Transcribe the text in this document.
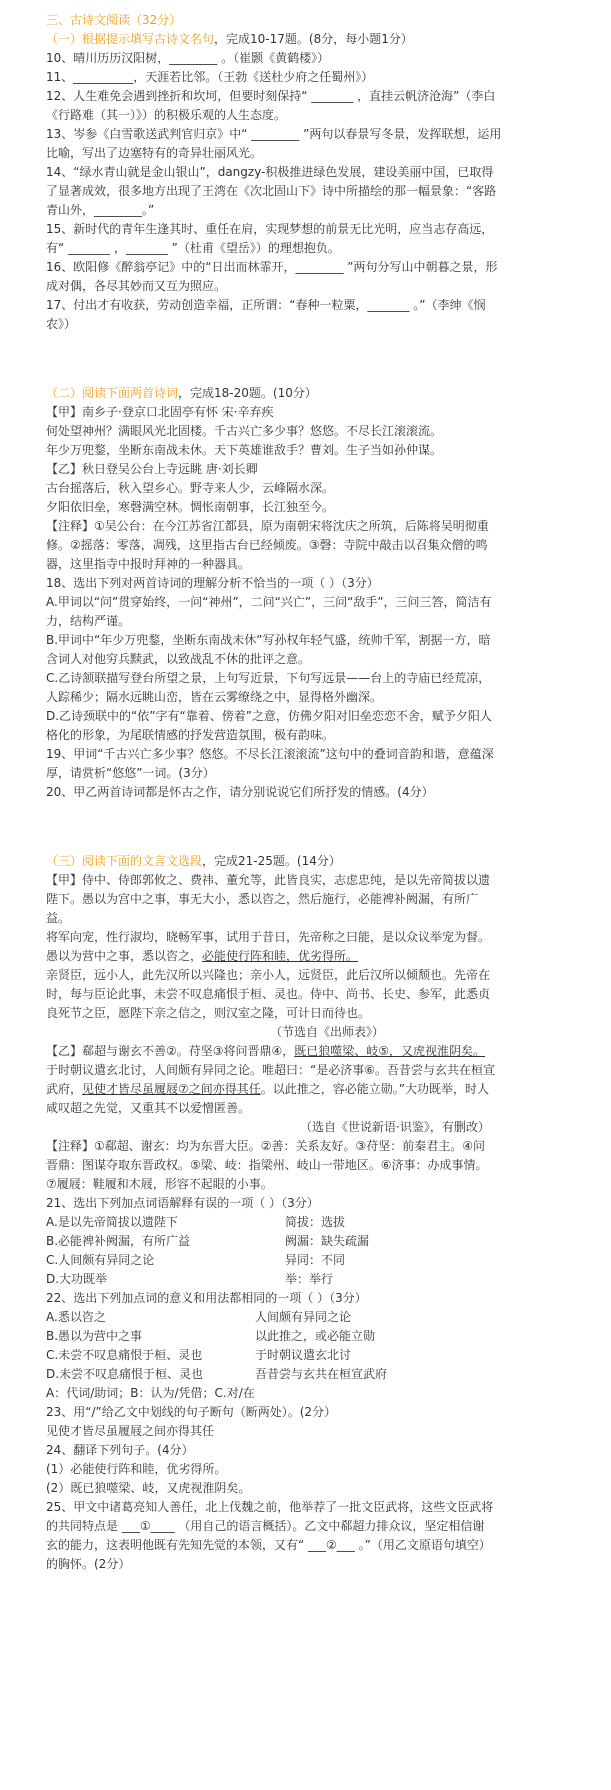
三、古诗文阅读（32分）
（一）根据提示填写古诗文名句，完成10-17题。(8分，每小题1分）
10、晴川历历汉阳树，________ 。（崔颢《黄鹤楼》）
11、__________，天涯若比邻。（王勃《送杜少府之任蜀州》）
12、人生难免会遇到挫折和坎坷，但要时刻保持“ _______ ，直挂云帆济沧海”（李白
《行路难（其一）》）的积极乐观的人生态度。
13、岑参《白雪歌送武判官归京》中“ ________ ”两句以春景写冬景，发挥联想，运用
比喻，写出了边塞特有的奇异壮丽风光。
14、“绿水青山就是金山银山”，dangzy-积极推进绿色发展，建设美丽中国，已取得
了显著成效，很多地方出现了王湾在《次北固山下》诗中所描绘的那一幅景象：“客路
青山外，________。”
15、新时代的青年生逢其时、重任在肩，实现梦想的前景无比光明，应当志存高远，
有“ _______ ，_______ ”（杜甫《望岳》）的理想抱负。
16、欧阳修《醉翁亭记》中的“日出而林霏开，________ ”两句分写山中朝暮之景，形
成对偶，各尽其妙而又互为照应。
17、付出才有收获，劳动创造幸福，正所谓：“春种一粒粟，_______ 。”（李绅《悯
农》）
（二）阅读下面两首诗词，完成18-20题。(10分）
【甲】南乡子·登京口北固亭有怀 宋·辛弃疾
何处望神州？满眼风光北固楼。千古兴亡多少事？悠悠。不尽长江滚滚流。
年少万兜鍪，坐断东南战未休。天下英雄谁敌手？曹刘。生子当如孙仲谋。
【乙】秋日登吴公台上寺远眺 唐·刘长卿
古台摇落后，秋入望乡心。野寺来人少，云峰隔水深。
夕阳依旧垒，寒磬满空林。惆怅南朝事，长江独至今。
【注释】①吴公台：在今江苏省江都县，原为南朝宋将沈庆之所筑，后陈将吴明彻重
修。②摇落：零落，凋残，这里指古台已经倾废。③磬：寺院中敲击以召集众僧的鸣
器，这里指寺中报时拜神的一种器具。
18、选出下列对两首诗词的理解分析不恰当的一项（ ）（3分）
A.甲词以“问”贯穿始终，一问“神州”，二问“兴亡”，三问“敌手”，三问三答，简洁有
力，结构严谨。
B.甲词中“年少万兜鍪，坐断东南战未休”写孙权年轻气盛，统帅千军，割据一方，暗
含词人对他穷兵黩武，以致战乱不休的批评之意。
C.乙诗颔联描写登台所望之景，上句写近景，下句写远景——台上的寺庙已经荒凉，
人踪稀少；隔水远眺山峦，皆在云雾缭绕之中，显得格外幽深。
D.乙诗颈联中的“依”字有“靠着、傍着”之意，仿佛夕阳对旧垒恋恋不舍，赋予夕阳人
格化的形象，为尾联情感的抒发营造氛围，极有韵味。
19、甲词“千古兴亡多少事？悠悠。不尽长江滚滚流”这句中的叠词音韵和谐，意蕴深
厚，请赏析“悠悠”一词。(3分）
20、甲乙两首诗词都是怀古之作，请分别说说它们所抒发的情感。(4分）
（三）阅读下面的文言文选段，完成21-25题。(14分）
【甲】侍中、侍郎郭攸之、费祎、董允等，此皆良实，志虑忠纯，是以先帝简拔以遗
陛下。愚以为宫中之事，事无大小，悉以咨之，然后施行，必能裨补阙漏，有所广
益。
将军向宠，性行淑均，晓畅军事，试用于昔日，先帝称之曰能，是以众议举宠为督。
愚以为营中之事，悉以咨之，必能使行阵和睦，优劣得所。
亲贤臣，远小人，此先汉所以兴隆也；亲小人，远贤臣，此后汉所以倾颓也。先帝在
时，每与臣论此事，未尝不叹息痛恨于桓、灵也。侍中、尚书、长史、参军，此悉贞
良死节之臣，愿陛下亲之信之，则汉室之隆，可计日而待也。
（节选自《出师表》）
【乙】郗超与谢玄不善②。苻坚③将问晋鼎④，既已狼噬梁、岐⑤，又虎视淮阴矣。
于时朝议遣玄北讨，人间颇有异同之论。唯超曰：“是必济事⑥。吾昔尝与玄共在桓宣
武府，见使才皆尽虽履屐⑦之间亦得其任。以此推之，容必能立勋。”大功既举，时人
咸叹超之先觉，又重其不以爱憎匿善。
（选自《世说新语·识鉴》，有删改）
【注释】①郗超、谢玄：均为东晋大臣。②善：关系友好。③苻坚：前秦君主。④问
晋鼎：图谋夺取东晋政权。⑤梁、岐：指梁州、岐山一带地区。⑥济事：办成事情。
⑦履屐：鞋履和木屐，形容不起眼的小事。
21、选出下列加点词语解释有误的一项（ ）（3分）
A.是以先帝简拔以遗陛下	简拔：选拔
B.必能裨补阙漏，有所广益	阙漏：缺失疏漏
C.人间颇有异同之论	异同：不同
D.大功既举	举：举行
22、选出下列加点词的意义和用法都相同的一项（ ）（3分）
A.悉以咨之	人间颇有异同之论
B.愚以为营中之事	以此推之，或必能立勋
C.未尝不叹息痛恨于桓、灵也	于时朝议遣玄北讨
D.未尝不叹息痛恨于桓、灵也	吾昔尝与玄共在桓宣武府
A：代词/助词；B：认为/凭借；C.对/在
23、用“/”给乙文中划线的句子断句（断两处）。(2分）
见使才皆尽虽履屐之间亦得其任
24、翻译下列句子。(4分）
(1）必能使行阵和睦，优劣得所。
(2）既已狼噬梁、岐，又虎视淮阴矣。
25、甲文中诸葛亮知人善任，北上伐魏之前，他举荐了一批文臣武将，这些文臣武将
的共同特点是 ___①____ （用自己的语言概括）。乙文中郗超力排众议，坚定相信谢
玄的能力，这表明他既有先知先觉的本领，又有“ ___②___ 。”（用乙文原语句填空）
的胸怀。(2分）
